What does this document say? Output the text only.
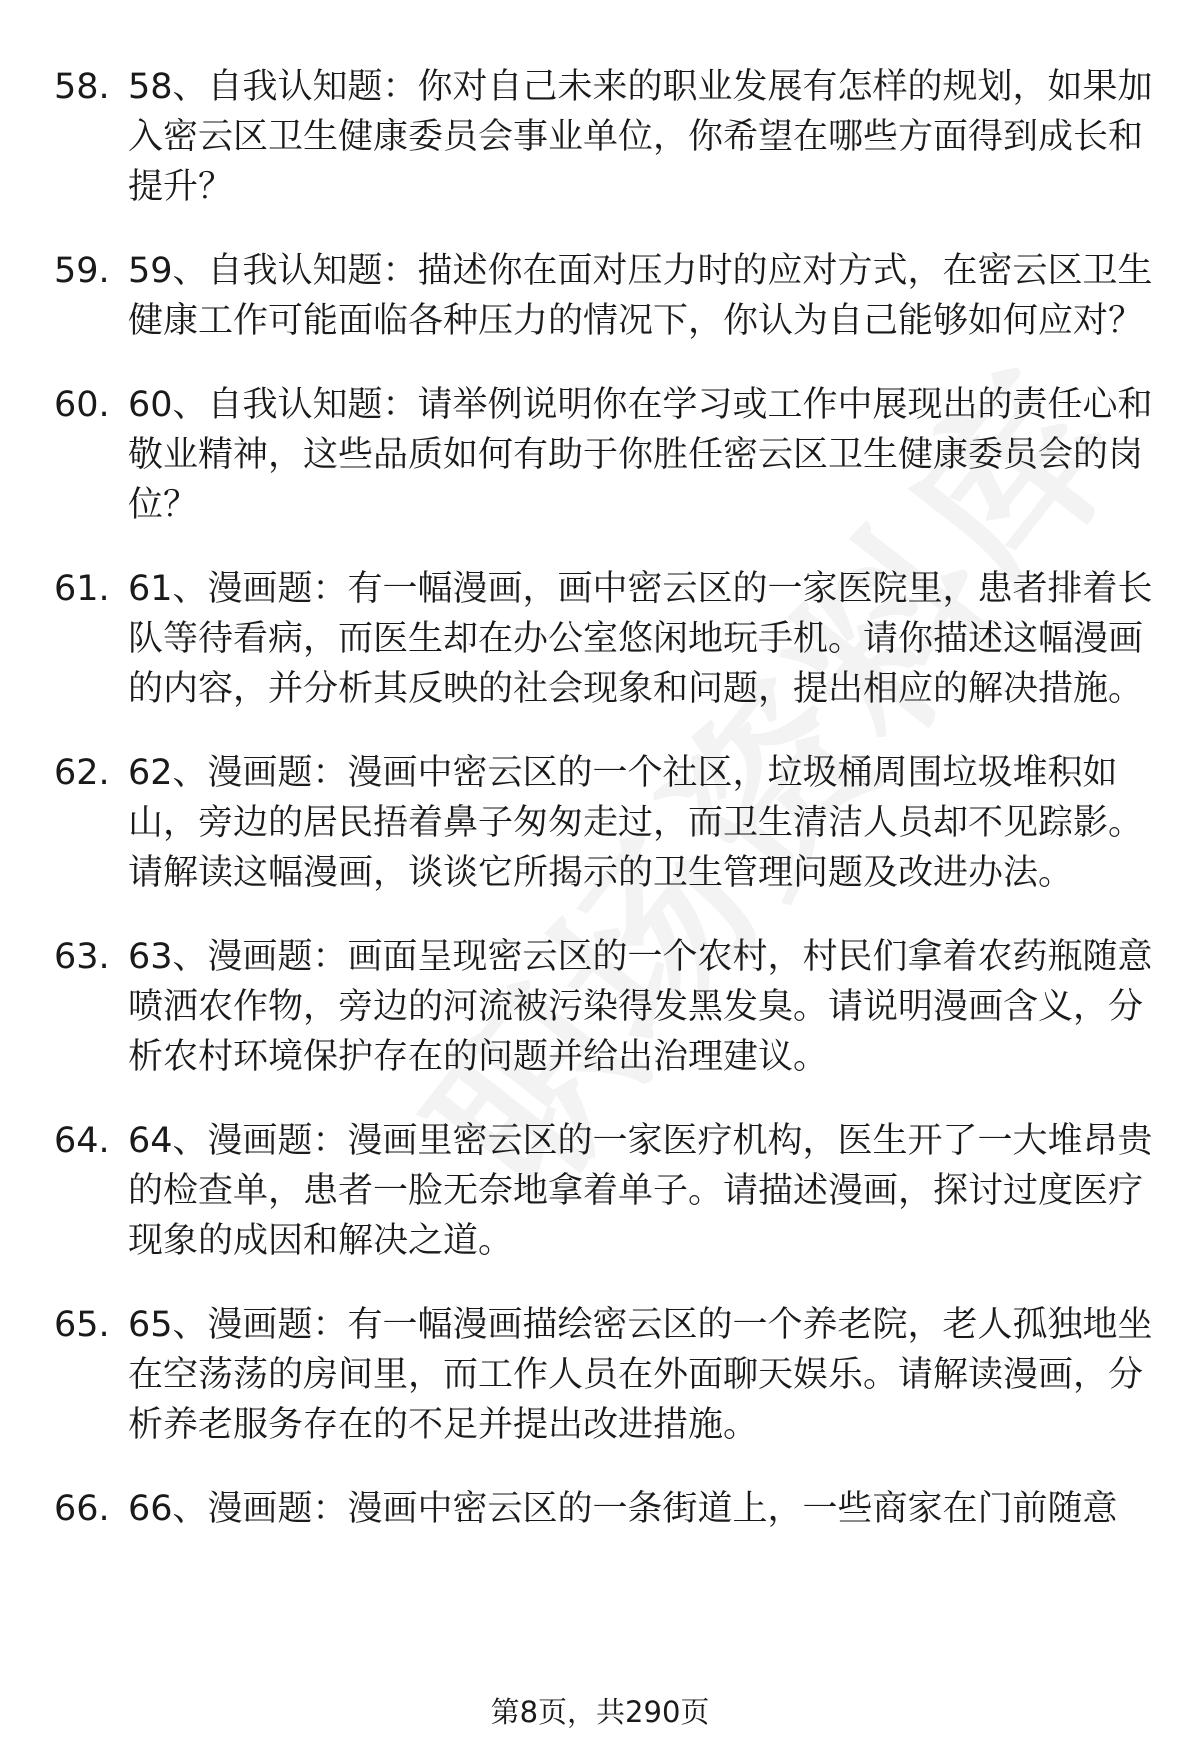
58. 58、自我认知题：你对自己未来的职业发展有怎样的规划，如果加入密云区卫生健康委员会事业单位，你希望在哪些方面得到成长和提升？
59. 59、自我认知题：描述你在面对压力时的应对方式，在密云区卫生健康工作可能面临各种压力的情况下，你认为自己能够如何应对？
60. 60、自我认知题：请举例说明你在学习或工作中展现出的责任心和敬业精神，这些品质如何有助于你胜任密云区卫生健康委员会的岗位？
61. 61、漫画题：有一幅漫画，画中密云区的一家医院里，患者排着长队等待看病，而医生却在办公室悠闲地玩手机。请你描述这幅漫画的内容，并分析其反映的社会现象和问题，提出相应的解决措施。
62. 62、漫画题：漫画中密云区的一个社区，垃圾桶周围垃圾堆积如山，旁边的居民捂着鼻子匆匆走过，而卫生清洁人员却不见踪影。请解读这幅漫画，谈谈它所揭示的卫生管理问题及改进办法。
63. 63、漫画题：画面呈现密云区的一个农村，村民们拿着农药瓶随意喷洒农作物，旁边的河流被污染得发黑发臭。请说明漫画含义，分析农村环境保护存在的问题并给出治理建议。
64. 64、漫画题：漫画里密云区的一家医疗机构，医生开了一大堆昂贵的检查单，患者一脸无奈地拿着单子。请描述漫画，探讨过度医疗现象的成因和解决之道。
65. 65、漫画题：有一幅漫画描绘密云区的一个养老院，老人孤独地坐在空荡荡的房间里，而工作人员在外面聊天娱乐。请解读漫画，分析养老服务存在的不足并提出改进措施。
66. 66、漫画题：漫画中密云区的一条街道上，一些商家在门前随意
第8页，共290页
